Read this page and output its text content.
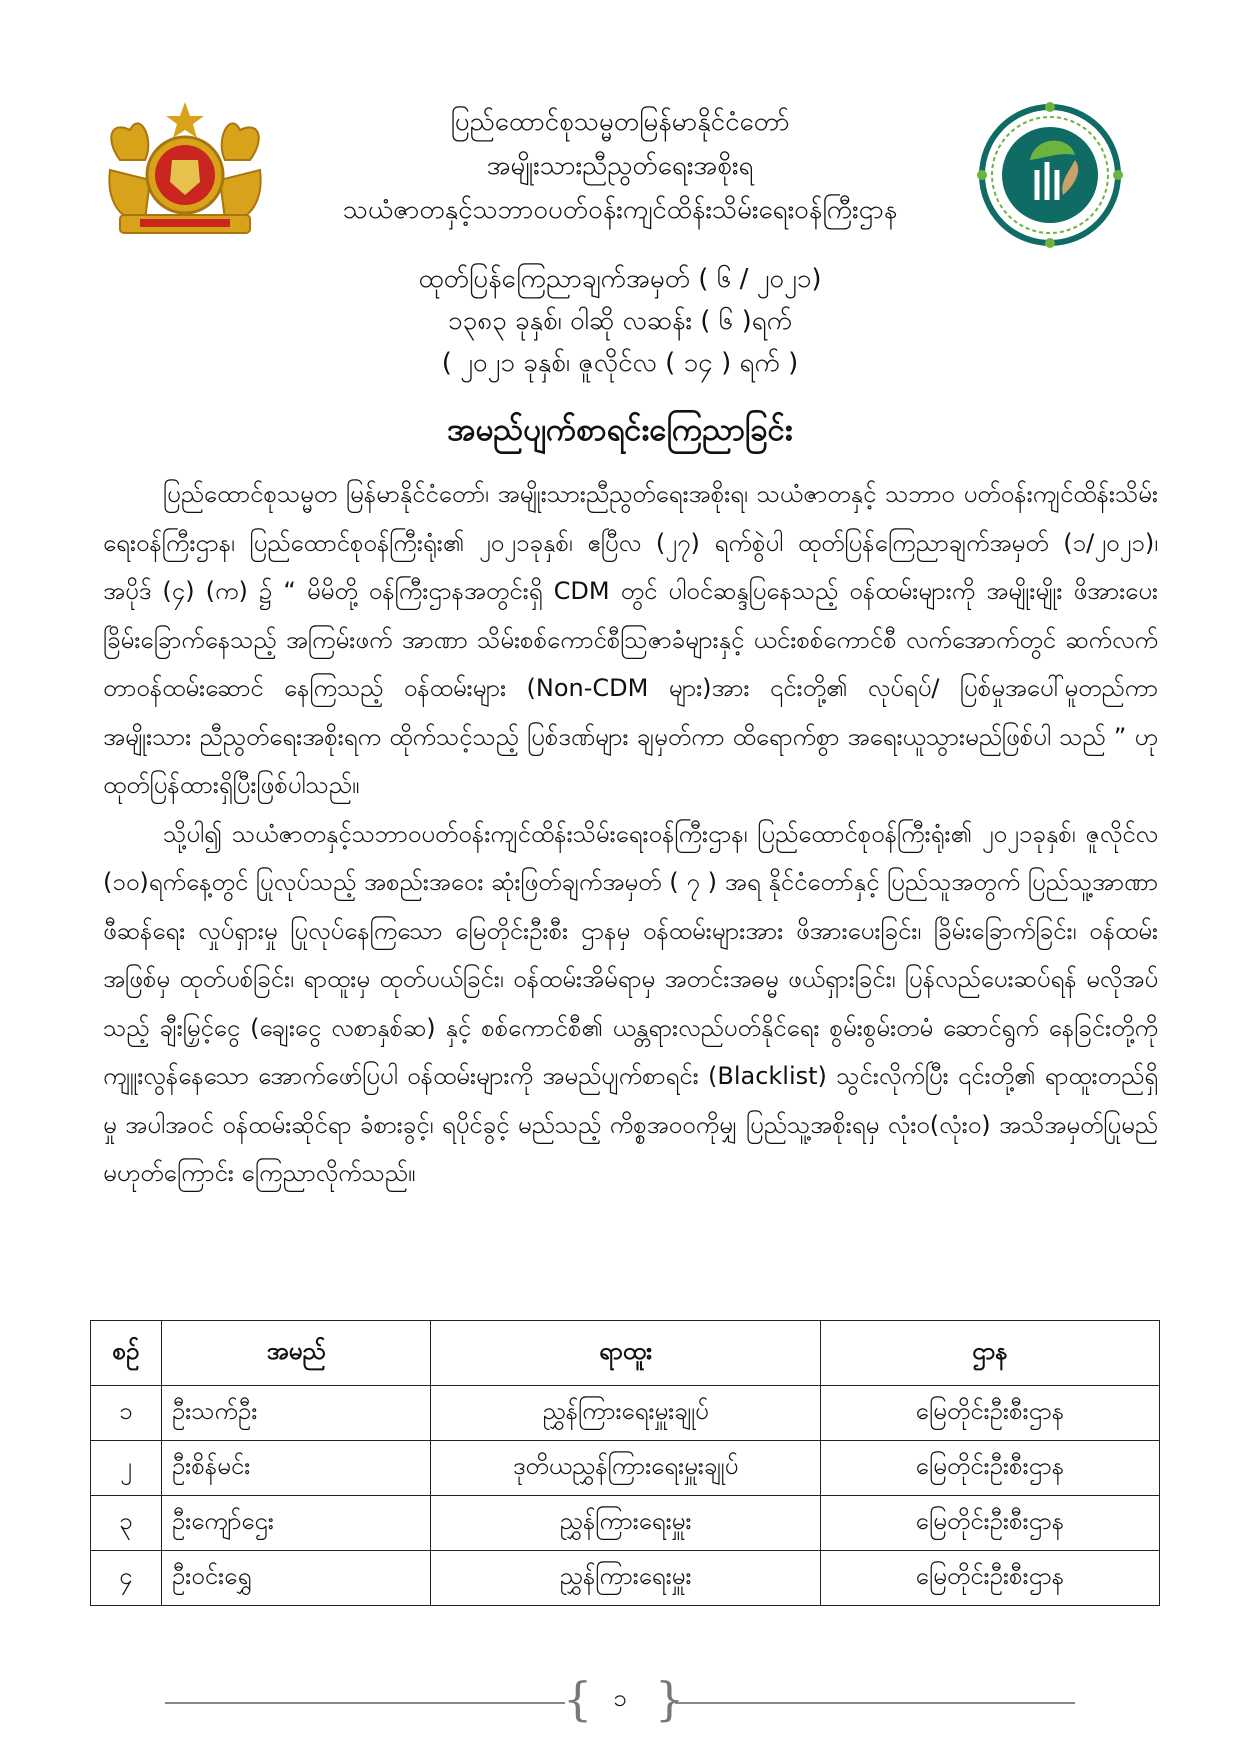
ပြည်ထောင်စုသမ္မတမြန်မာနိုင်ငံတော်
အမျိုးသားညီညွတ်ရေးအစိုးရ
သယံဇာတနှင့်သဘာဝပတ်ဝန်းကျင်ထိန်းသိမ်းရေးဝန်ကြီးဌာန
ထုတ်ပြန်ကြေညာချက်အမှတ် ( ၆ / ၂၀၂၁)
၁၃၈၃ ခုနှစ်၊ ဝါဆို လဆန်း ( ၆ )ရက်
( ၂၀၂၁ ခုနှစ်၊ ဇူလိုင်လ ( ၁၄ ) ရက် )
အမည်ပျက်စာရင်းကြေညာခြင်း

ပြည်ထောင်စုသမ္မတ မြန်မာနိုင်ငံတော်၊ အမျိုးသားညီညွတ်ရေးအစိုးရ၊ သယံဇာတနှင့် သဘာဝ ပတ်ဝန်းကျင်ထိန်းသိမ်းရေးဝန်ကြီးဌာန၊ ပြည်ထောင်စုဝန်ကြီးရုံး၏ ၂၀၂၁ခုနှစ်၊ ဧပြီလ (၂၇) ရက်စွဲပါ ထုတ်ပြန်ကြေညာချက်အမှတ် (၁/၂၀၂၁)၊ အပိုဒ် (၄) (က) ၌ “ မိမိတို့ ဝန်ကြီးဌာနအတွင်းရှိ CDM တွင် ပါဝင်ဆန္ဒပြနေသည့် ဝန်ထမ်းများကို အမျိုးမျိုး ဖိအားပေး ခြိမ်းခြောက်နေသည့် အကြမ်းဖက် အာဏာ သိမ်းစစ်ကောင်စီသြဇာခံများနှင့် ယင်းစစ်ကောင်စီ လက်အောက်တွင် ဆက်လက်တာဝန်ထမ်းဆောင် နေကြသည့် ဝန်ထမ်းများ (Non-CDM များ)အား ၎င်းတို့၏ လုပ်ရပ်/ ပြစ်မှုအပေါ်မူတည်ကာ အမျိုးသား ညီညွတ်ရေးအစိုးရက ထိုက်သင့်သည့် ပြစ်ဒဏ်များ ချမှတ်ကာ ထိရောက်စွာ အရေးယူသွားမည်ဖြစ်ပါ သည် ” ဟု ထုတ်ပြန်ထားရှိပြီးဖြစ်ပါသည်။

သို့ပါ၍ သယံဇာတနှင့်သဘာဝပတ်ဝန်းကျင်ထိန်းသိမ်းရေးဝန်ကြီးဌာန၊ ပြည်ထောင်စုဝန်ကြီးရုံး၏ ၂၀၂၁ခုနှစ်၊ ဇူလိုင်လ (၁၀)ရက်နေ့တွင် ပြုလုပ်သည့် အစည်းအဝေး ဆုံးဖြတ်ချက်အမှတ် ( ၇ ) အရ နိုင်ငံတော်နှင့် ပြည်သူအတွက် ပြည်သူ့အာဏာဖီဆန်ရေး လှုပ်ရှားမှု ပြုလုပ်နေကြသော မြေတိုင်းဦးစီး ဌာနမှ ဝန်ထမ်းများအား ဖိအားပေးခြင်း၊ ခြိမ်းခြောက်ခြင်း၊ ဝန်ထမ်းအဖြစ်မှ ထုတ်ပစ်ခြင်း၊ ရာထူးမှ ထုတ်ပယ်ခြင်း၊ ဝန်ထမ်းအိမ်ရာမှ အတင်းအဓမ္မ ဖယ်ရှားခြင်း၊ ပြန်လည်ပေးဆပ်ရန် မလိုအပ်သည့် ချီးမြှင့်ငွေ (ချေးငွေ လစာနှစ်ဆ) နှင့် စစ်ကောင်စီ၏ ယန္တရားလည်ပတ်နိုင်ရေး စွမ်းစွမ်းတမံ ဆောင်ရွက် နေခြင်းတို့ကို ကျူးလွန်နေသော အောက်ဖော်ပြပါ ဝန်ထမ်းများကို အမည်ပျက်စာရင်း (Blacklist) သွင်းလိုက်ပြီး ၎င်းတို့၏ ရာထူးတည်ရှိမှု အပါအဝင် ဝန်ထမ်းဆိုင်ရာ ခံစားခွင့်၊ ရပိုင်ခွင့် မည်သည့် ကိစ္စအဝဝကိုမျှ ပြည်သူ့အစိုးရမှ လုံးဝ(လုံးဝ) အသိအမှတ်ပြုမည် မဟုတ်ကြောင်း ကြေညာလိုက်သည်။

စဉ်	အမည်	ရာထူး	ဌာန
၁	ဦးသက်ဦး	ညွှန်ကြားရေးမှူးချုပ်	မြေတိုင်းဦးစီးဌာန
၂	ဦးစိန်မင်း	ဒုတိယညွှန်ကြားရေးမှူးချုပ်	မြေတိုင်းဦးစီးဌာန
၃	ဦးကျော်ဌေး	ညွှန်ကြားရေးမှူး	မြေတိုင်းဦးစီးဌာန
၄	ဦးဝင်းရွှေ	ညွှန်ကြားရေးမှူး	မြေတိုင်းဦးစီးဌာန
{ ၁ }
